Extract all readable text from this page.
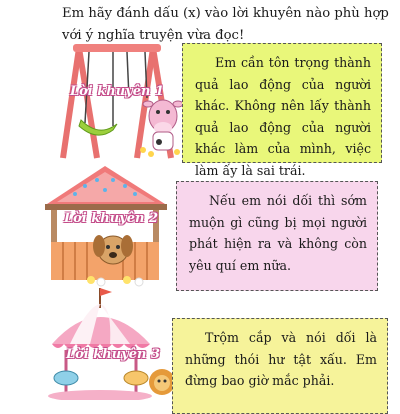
Em hãy đánh dấu (x) vào lời khuyên nào phù hợp với ý nghĩa truyện vừa đọc!

Lời khuyên 1

Em cần tôn trọng thành quả lao động của người khác. Không nên lấy thành quả lao động của người khác làm của mình, việc làm ấy là sai trái.

Lời khuyên 2

Nếu em nói dối thì sớm muộn gì cũng bị mọi người phát hiện ra và không còn yêu quí em nữa.

Lời khuyên 3

Trộm cắp và nói dối là những thói hư tật xấu. Em đừng bao giờ mắc phải.
